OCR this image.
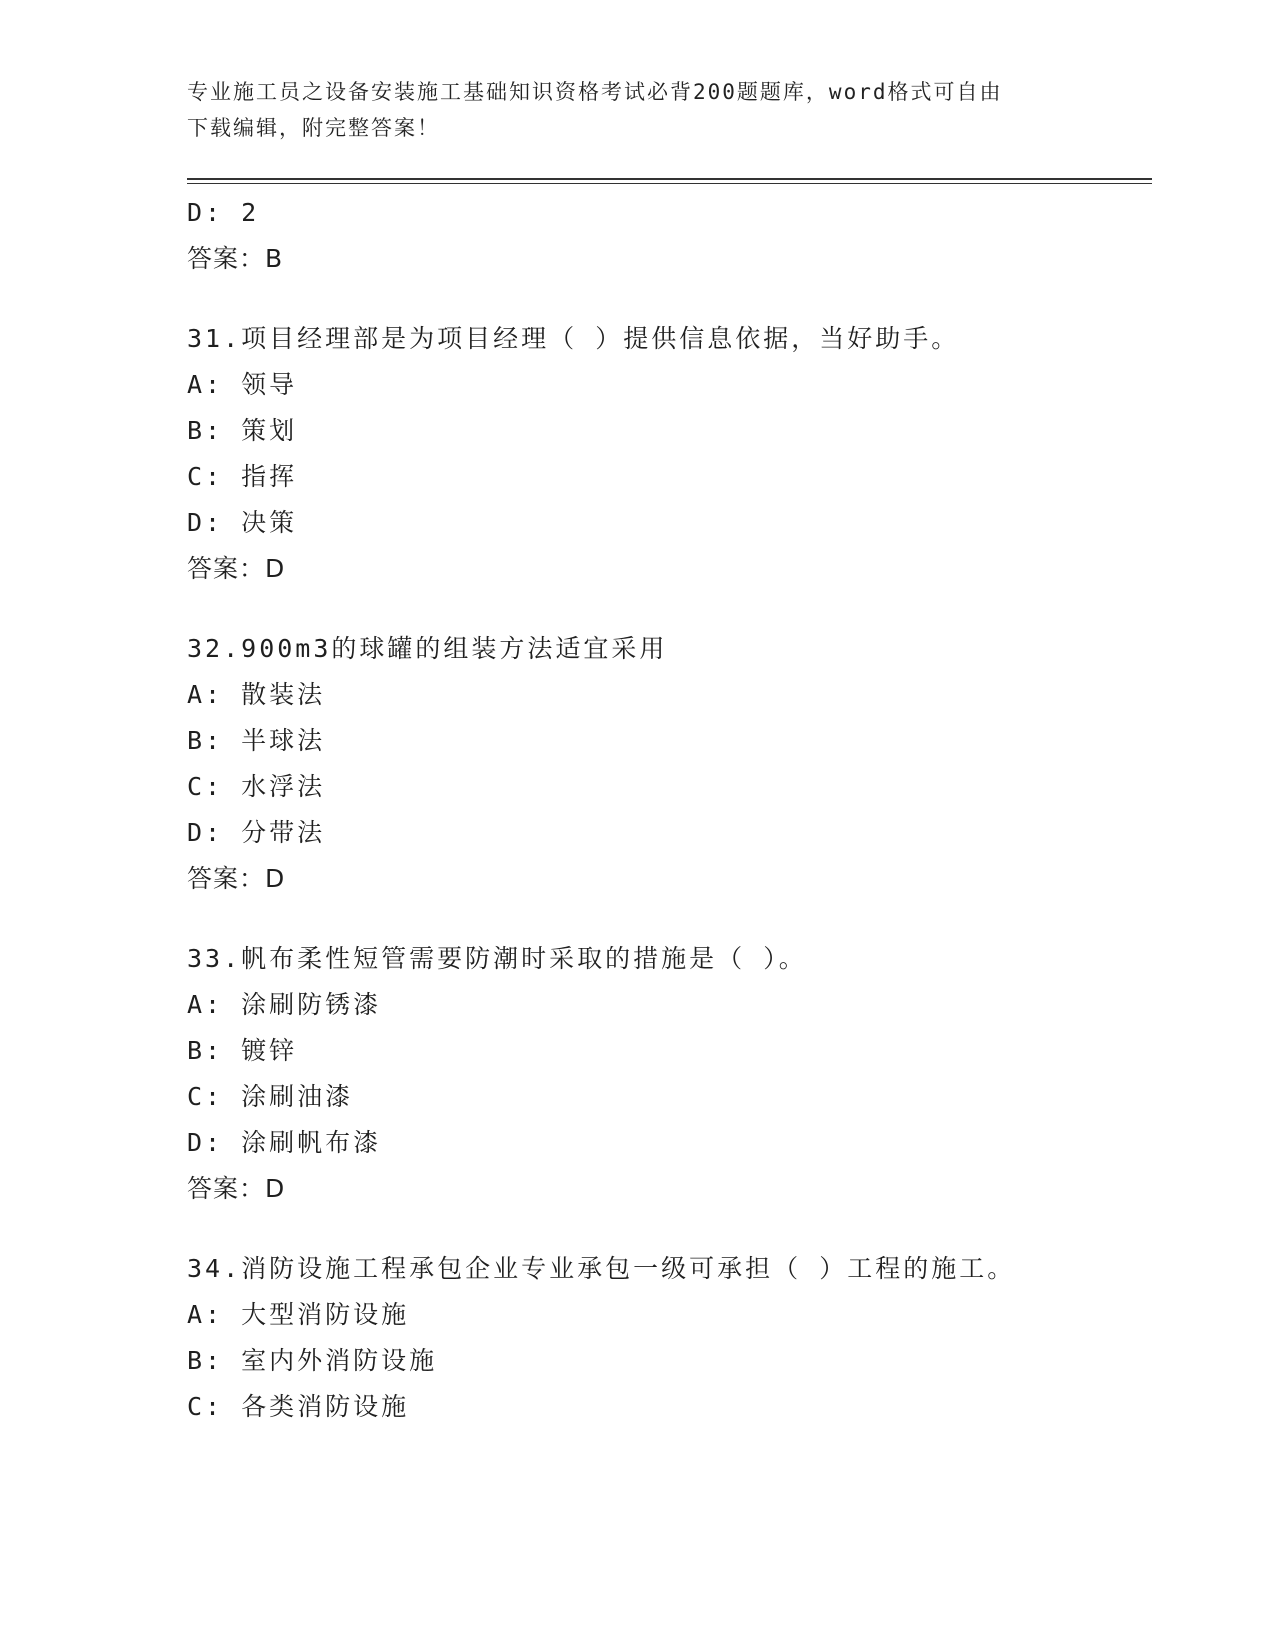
专业施工员之设备安装施工基础知识资格考试必背200题题库，word格式可自由
下载编辑，附完整答案！
D: 2
答案：B
31.项目经理部是为项目经理（ ）提供信息依据，当好助手。
A: 领导
B: 策划
C: 指挥
D: 决策
答案：D
32.900m3的球罐的组装方法适宜采用
A: 散装法
B: 半球法
C: 水浮法
D: 分带法
答案：D
33.帆布柔性短管需要防潮时采取的措施是（ ）。
A: 涂刷防锈漆
B: 镀锌
C: 涂刷油漆
D: 涂刷帆布漆
答案：D
34.消防设施工程承包企业专业承包一级可承担（ ）工程的施工。
A: 大型消防设施
B: 室内外消防设施
C: 各类消防设施
